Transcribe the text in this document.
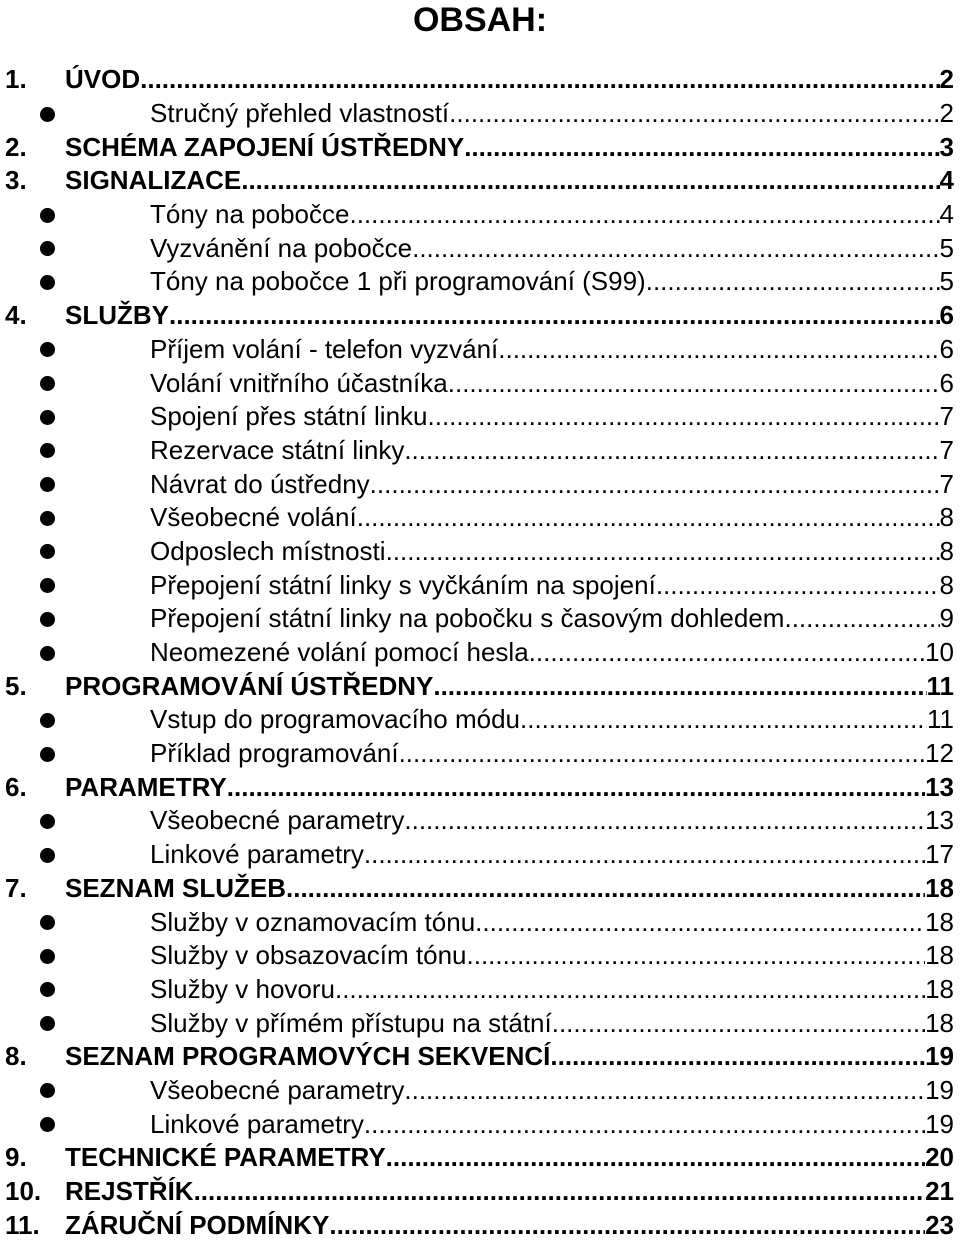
OBSAH:
1.	ÚVOD .....	2
Stručný přehled vlastností .....	2
2.	SCHÉMA ZAPOJENÍ ÚSTŘEDNY .....	3
3.	SIGNALIZACE .....	4
Tóny na pobočce .....	4
Vyzvánění na pobočce .....	5
Tóny na pobočce 1 při programování (S99) .....	5
4.	SLUŽBY .....	6
Příjem volání - telefon vyzvání .....	6
Volání vnitřního účastníka .....	6
Spojení přes státní linku .....	7
Rezervace státní linky .....	7
Návrat do ústředny .....	7
Všeobecné volání .....	8
Odposlech místnosti .....	8
Přepojení státní linky s vyčkáním na spojení .....	8
Přepojení státní linky na pobočku s časovým dohledem .....	9
Neomezené volání pomocí hesla .....	10
5.	PROGRAMOVÁNÍ ÚSTŘEDNY .....	11
Vstup do programovacího módu .....	11
Příklad programování .....	12
6.	PARAMETRY .....	13
Všeobecné parametry .....	13
Linkové parametry .....	17
7.	SEZNAM SLUŽEB .....	18
Služby v oznamovacím tónu .....	18
Služby v obsazovacím tónu .....	18
Služby v hovoru .....	18
Služby v přímém přístupu na státní .....	18
8.	SEZNAM PROGRAMOVÝCH SEKVENCÍ .....	19
Všeobecné parametry .....	19
Linkové parametry .....	19
9.	TECHNICKÉ PARAMETRY .....	20
10. REJSTŘÍK .....	21
11. ZÁRUČNÍ PODMÍNKY .....	23
